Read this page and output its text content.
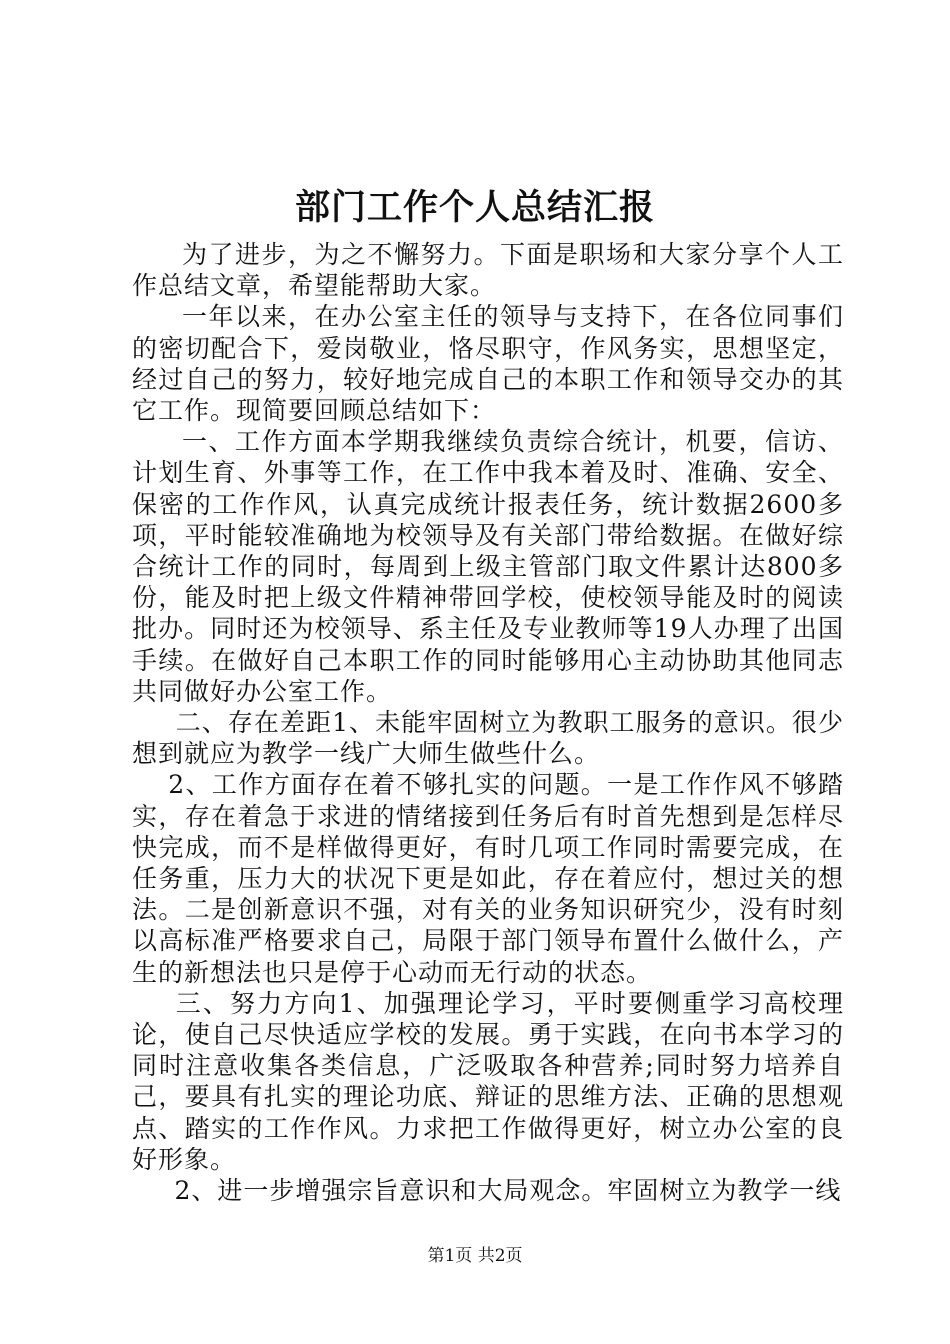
部门工作个人总结汇报

为了进步，为之不懈努力。下面是职场和大家分享个人工作总结文章，希望能帮助大家。

一年以来，在办公室主任的领导与支持下，在各位同事们的密切配合下，爱岗敬业，恪尽职守，作风务实，思想坚定，经过自己的努力，较好地完成自己的本职工作和领导交办的其它工作。现简要回顾总结如下：

一、工作方面本学期我继续负责综合统计，机要，信访、计划生育、外事等工作，在工作中我本着及时、准确、安全、保密的工作作风，认真完成统计报表任务，统计数据2600多项，平时能较准确地为校领导及有关部门带给数据。在做好综合统计工作的同时，每周到上级主管部门取文件累计达800多份，能及时把上级文件精神带回学校，使校领导能及时的阅读批办。同时还为校领导、系主任及专业教师等19人办理了出国手续。在做好自己本职工作的同时能够用心主动协助其他同志共同做好办公室工作。

二、存在差距1、未能牢固树立为教职工服务的意识。很少想到就应为教学一线广大师生做些什么。

2、工作方面存在着不够扎实的问题。一是工作作风不够踏实，存在着急于求进的情绪接到任务后有时首先想到是怎样尽快完成，而不是样做得更好，有时几项工作同时需要完成，在任务重，压力大的状况下更是如此，存在着应付，想过关的想法。二是创新意识不强，对有关的业务知识研究少，没有时刻以高标准严格要求自己，局限于部门领导布置什么做什么，产生的新想法也只是停于心动而无行动的状态。

三、努力方向1、加强理论学习，平时要侧重学习高校理论，使自己尽快适应学校的发展。勇于实践，在向书本学习的同时注意收集各类信息，广泛吸取各种营养;同时努力培养自己，要具有扎实的理论功底、辩证的思维方法、正确的思想观点、踏实的工作作风。力求把工作做得更好，树立办公室的良好形象。

2、进一步增强宗旨意识和大局观念。牢固树立为教学一线

第1页 共2页
